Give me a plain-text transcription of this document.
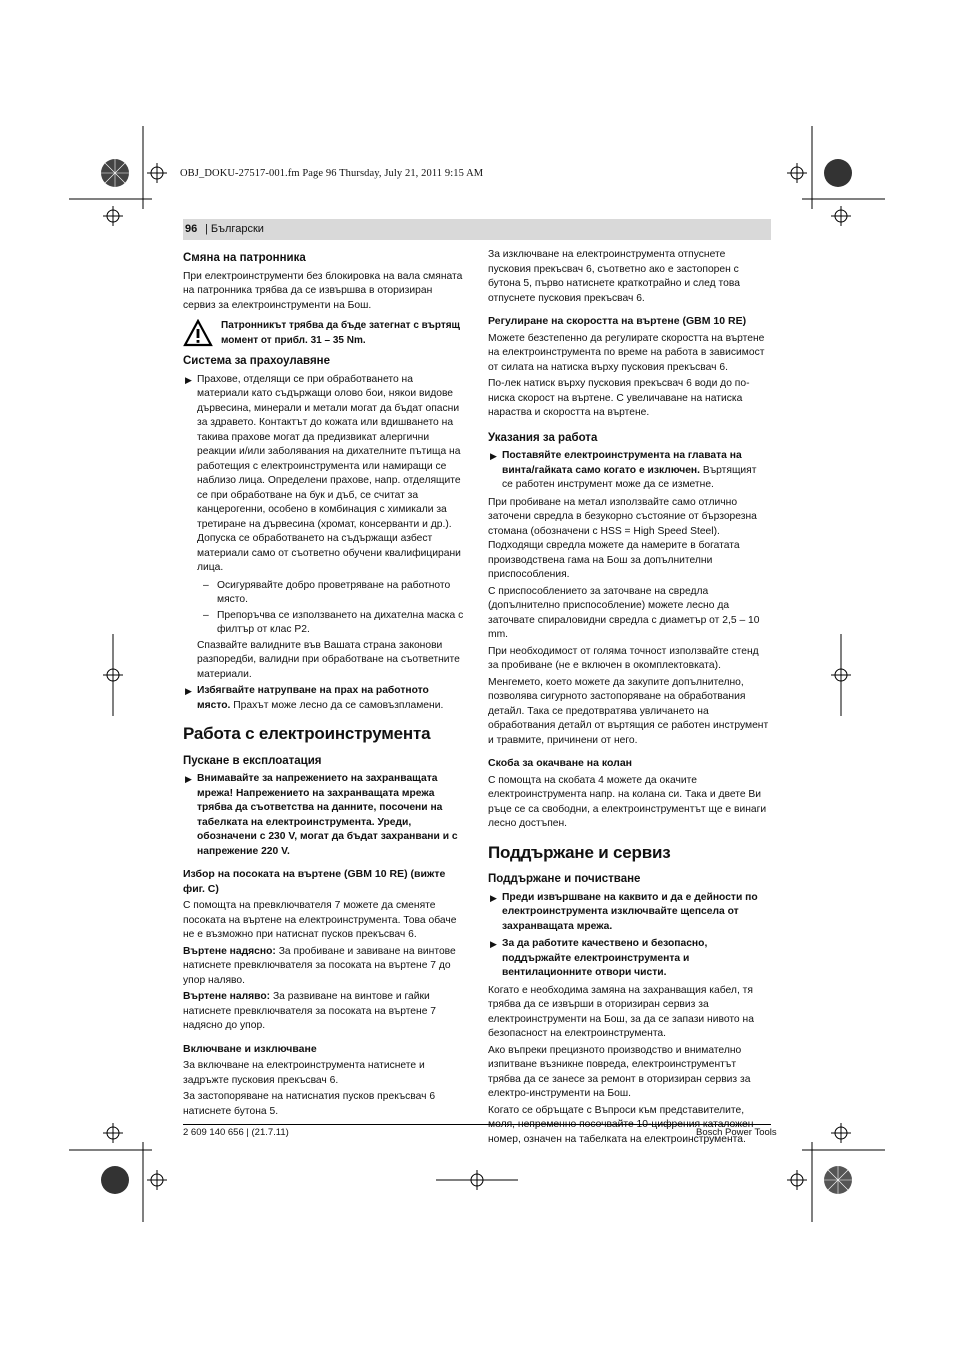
OBJ_DOKU-27517-001.fm Page 96 Thursday, July 21, 2011 9:15 AM
96 | Български
Смяна на патронника

При електроинструменти без блокировка на вала смяната на патронника трябва да се извършва в оторизиран сервиз за електроинструменти на Бош.

Патронникът трябва да бъде затегнат с въртящ момент от прибл. 31 – 35 Nm.
Система за прахоулавяне
▶ Прахове, отделящи се при обработването на материали като съдържащи олово бои, някои видове дървесина, минерали и метали могат да бъдат опасни за здравето. Контактът до кожата или вдишването на такива прахове могат да предизвикат алергични реакции и/или заболявания на дихателните пътища на работещия с електроинструмента или намиращи се наблизо лица. Определени прахове, напр. отделящите се при обработване на бук и дъб, се считат за канцерогенни, особено в комбинация с химикали за третиране на дървесина (хромат, консерванти и др.). Допуска се обработването на съдържащи азбест материали само от съответно обучени квалифицирани лица.
– Осигурявайте добро проветряване на работното място.
– Препоръчва се използването на дихателна маска с филтър от клас P2.

Спазвайте валидните във Вашата страна законови разпоредби, валидни при обработване на съответните материали.

▶ Избягвайте натрупване на прах на работното място. Прахът може лесно да се самовъзпламени.
Работа с електроинструмента
Пускане в експлоатация
▶ Внимавайте за напрежението на захранващата мрежа! Напрежението на захранващата мрежа трябва да съответства на данните, посочени на табелката на електроинструмента. Уреди, обозначени с 230 V, могат да бъдат захранвани и с напрежение 220 V.
Избор на посоката на въртене (GBM 10 RE) (вижте фиг. C)

С помощта на превключвателя 7 можете да сменяте посоката на въртене на електроинструмента. Това обаче не е възможно при натиснат пусков прекъсвач 6.

Въртене надясно: За пробиване и завиване на винтове натиснете превключвателя за посоката на въртене 7 до упор наляво.

Въртене наляво: За развиване на винтове и гайки натиснете превключвателя за посоката на въртене 7 надясно до упор.

Включване и изключване

За включване на електроинструмента натиснете и задръжте пусковия прекъсвач 6.

За застопоряване на натиснатия пусков прекъсвач 6 натиснете бутона 5.

За изключване на електроинструмента отпуснете пусковия прекъсвач 6, съответно ако е застопорен с бутона 5, първо натиснете краткотрайно и след това отпуснете пусковия прекъсвач 6.

Регулиране на скоростта на въртене (GBM 10 RE)

Можете безстепенно да регулирате скоростта на въртене на електроинструмента по време на работа в зависимост от силата на натиска върху пусковия прекъсвач 6.

По-лек натиск върху пусковия прекъсвач 6 води до по-ниска скорост на въртене. С увеличаване на натиска нараства и скоростта на въртене.

Указания за работа
▶ Поставяйте електроинструмента на главата на винта/гайката само когато е изключен. Въртящият се работен инструмент може да се изметне.

При пробиване на метал използвайте само отлично заточени свредла в безукорно състояние от бързорезна стомана (обозначени с HSS = High Speed Steel). Подходящи свредла можете да намерите в богатата производствена гама на Бош за допълнителни приспособления.

С приспособлението за заточване на свредла (допълнително приспособление) можете лесно да заточвате спираловидни свредла с диаметър от 2,5 – 10 mm.

При необходимост от голяма точност използвайте стенд за пробиване (не е включен в окомплектовката).

Менгемето, което можете да закупите допълнително, позволява сигурното застопоряване на обработвания детайл. Така се предотвратява увличането на обработвания детайл от въртящия се работен инструмент и травмите, причинени от него.

Скоба за окачване на колан

С помощта на скобата 4 можете да окачите електроинструмента напр. на колана си. Така и двете Ви ръце се са свободни, а електроинструментът ще е винаги лесно достъпен.

Поддържане и сервиз
Поддържане и почистване
▶ Преди извършване на каквито и да е дейности по електроинструмента изключвайте щепсела от захранващата мрежа.
▶ За да работите качествено и безопасно, поддържайте електроинструмента и вентилационните отвори чисти.

Когато е необходима замяна на захранващия кабел, тя трябва да се извърши в оторизиран сервиз за електроинструменти на Бош, за да се запази нивото на безопасност на електроинструмента.

Ако въпреки прецизното производство и внимателно изпитване възникне повреда, електроинструментът трябва да се занесе за ремонт в оторизиран сервиз за електро-инструменти на Бош.

Когато се обръщате с Въпроси към представителите, номер, означен на табелката на електроинструмента.

2 609 140 656 | (21.7.11)	Bosch Power Tools
